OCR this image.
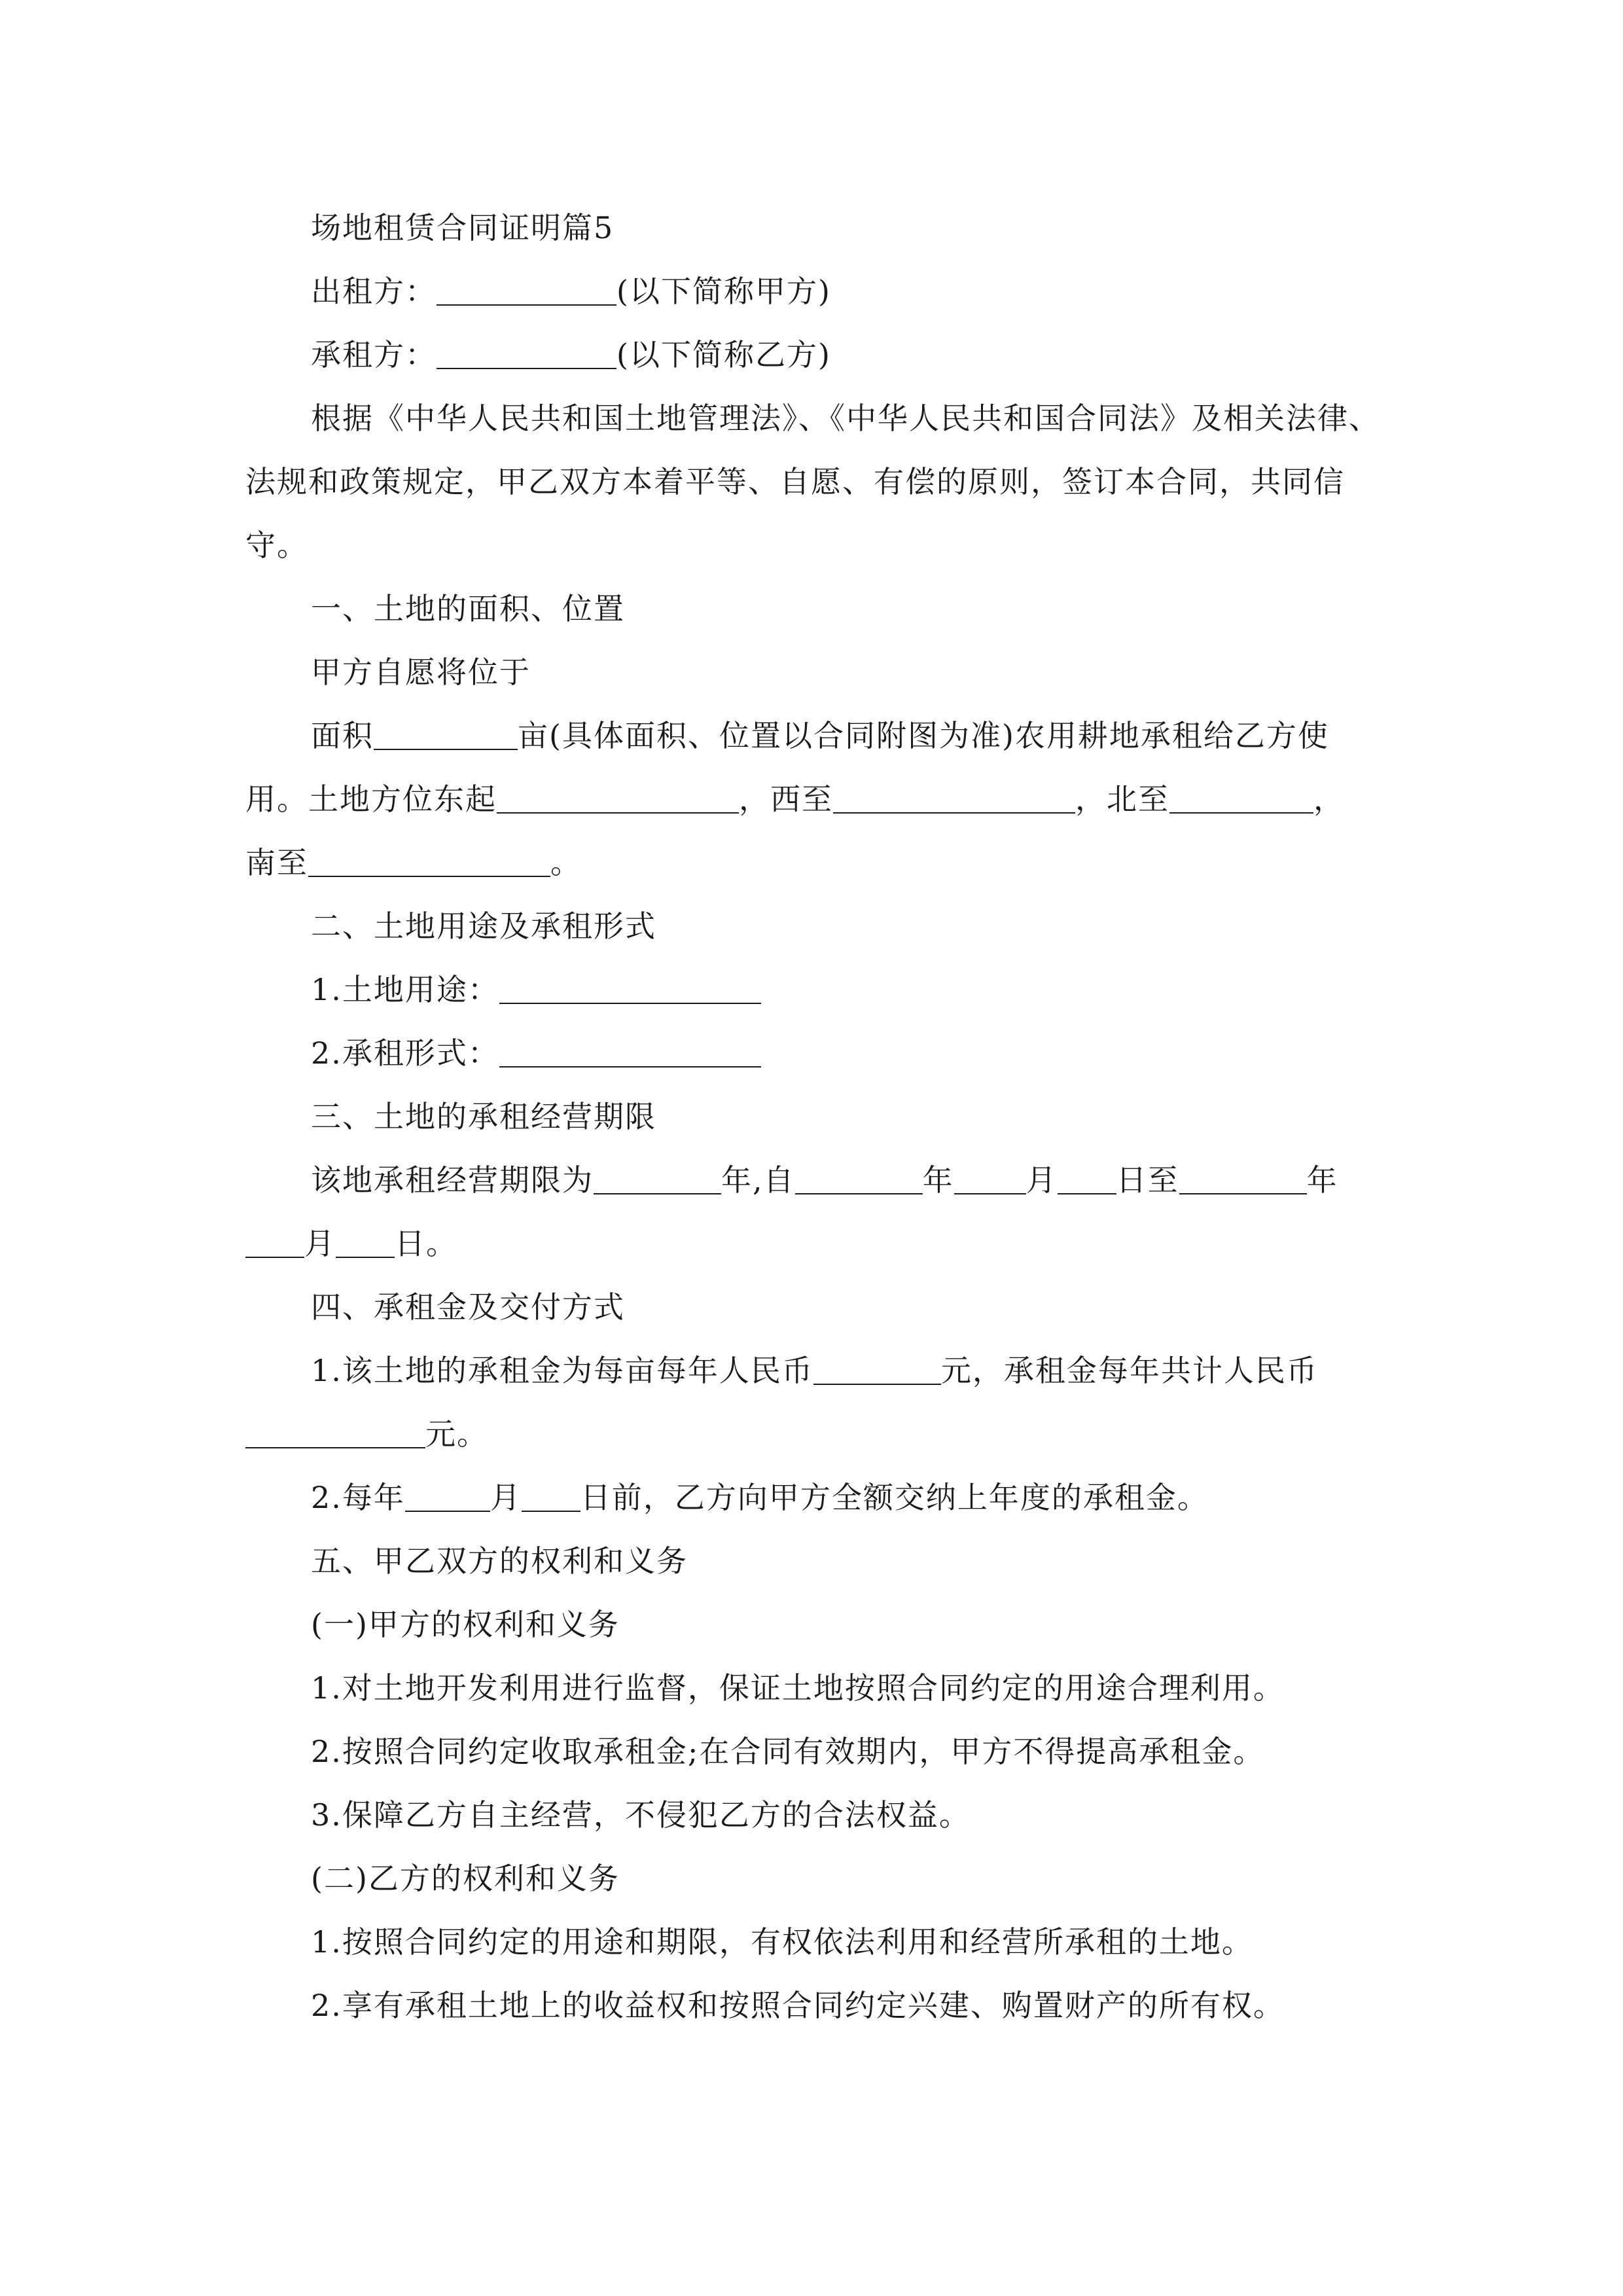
场地租赁合同证明篇5
出租方：	(以下简称甲方)
承租方：	(以下简称乙方)
根据《中华人民共和国土地管理法》、《中华人民共和国合同法》及相关法律、
法规和政策规定，甲乙双方本着平等、自愿、有偿的原则，签订本合同，共同信
守。
一、土地的面积、位置
甲方自愿将位于
面积	亩(具体面积、位置以合同附图为准)农用耕地承租给乙方使
用。土地方位东起	，西至	，北至	，
南至	。
二、土地用途及承租形式
1.土地用途：
2.承租形式：
三、土地的承租经营期限
该地承租经营期限为	年,自	年 月 日至	年
月 日。
四、承租金及交付方式
1.该土地的承租金为每亩每年人民币	元，承租金每年共计人民币
元。
2.每年	月 日前，乙方向甲方全额交纳上年度的承租金。
五、甲乙双方的权利和义务
(一)甲方的权利和义务
1.对土地开发利用进行监督，保证土地按照合同约定的用途合理利用。
2.按照合同约定收取承租金;在合同有效期内，甲方不得提高承租金。
3.保障乙方自主经营，不侵犯乙方的合法权益。
(二)乙方的权利和义务
1.按照合同约定的用途和期限，有权依法利用和经营所承租的土地。
2.享有承租土地上的收益权和按照合同约定兴建、购置财产的所有权。
